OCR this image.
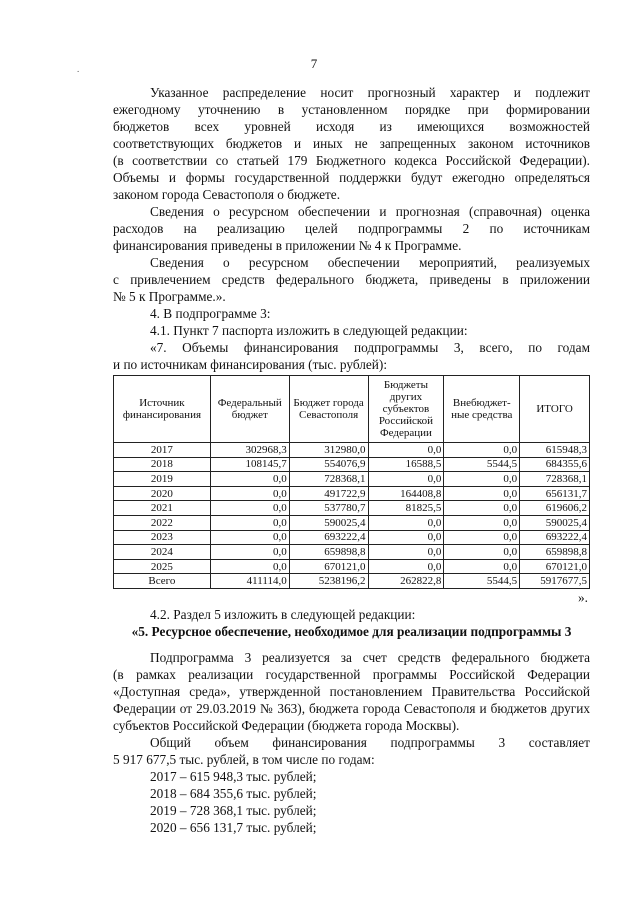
7
.

Указанное распределение носит прогнозный характер и подлежит

ежегодному уточнению в установленном порядке при формировании

бюджетов всех уровней исходя из имеющихся возможностей

соответствующих бюджетов и иных не запрещенных законом источников

(в соответствии со статьей 179 Бюджетного кодекса Российской Федерации).

Объемы и формы государственной поддержки будут ежегодно определяться

законом города Севастополя о бюджете.

Сведения о ресурсном обеспечении и прогнозная (справочная) оценка

расходов на реализацию целей подпрограммы 2 по источникам

финансирования приведены в приложении № 4 к Программе.

Сведения о ресурсном обеспечении мероприятий, реализуемых

с привлечением средств федерального бюджета, приведены в приложении

№ 5 к Программе.».

4. В подпрограмме 3:

4.1. Пункт 7 паспорта изложить в следующей редакции:

«7. Объемы финансирования подпрограммы 3, всего, по годам

и по источникам финансирования (тыс. рублей):

Источник финансирования	Федеральный бюджет	Бюджет города Севастополя	Бюджеты других субъектов Российской Федерации	Внебюджет-ные средства	ИТОГО
2017	302968,3	312980,0	0,0	0,0	615948,3
2018	108145,7	554076,9	16588,5	5544,5	684355,6
2019	0,0	728368,1	0,0	0,0	728368,1
2020	0,0	491722,9	164408,8	0,0	656131,7
2021	0,0	537780,7	81825,5	0,0	619606,2
2022	0,0	590025,4	0,0	0,0	590025,4
2023	0,0	693222,4	0,0	0,0	693222,4
2024	0,0	659898,8	0,0	0,0	659898,8
2025	0,0	670121,0	0,0	0,0	670121,0
Всего	411114,0	5238196,2	262822,8	5544,5	5917677,5

».

4.2. Раздел 5 изложить в следующей редакции:

«5. Ресурсное обеспечение, необходимое для реализации подпрограммы 3

Подпрограмма 3 реализуется за счет средств федерального бюджета

(в рамках реализации государственной программы Российской Федерации

«Доступная среда», утвержденной постановлением Правительства Российской

Федерации от 29.03.2019 № 363), бюджета города Севастополя и бюджетов других

субъектов Российской Федерации (бюджета города Москвы).

Общий объем финансирования подпрограммы 3 составляет

5 917 677,5 тыс. рублей, в том числе по годам:

2017 – 615 948,3 тыс. рублей;

2018 – 684 355,6 тыс. рублей;

2019 – 728 368,1 тыс. рублей;

2020 – 656 131,7 тыс. рублей;
